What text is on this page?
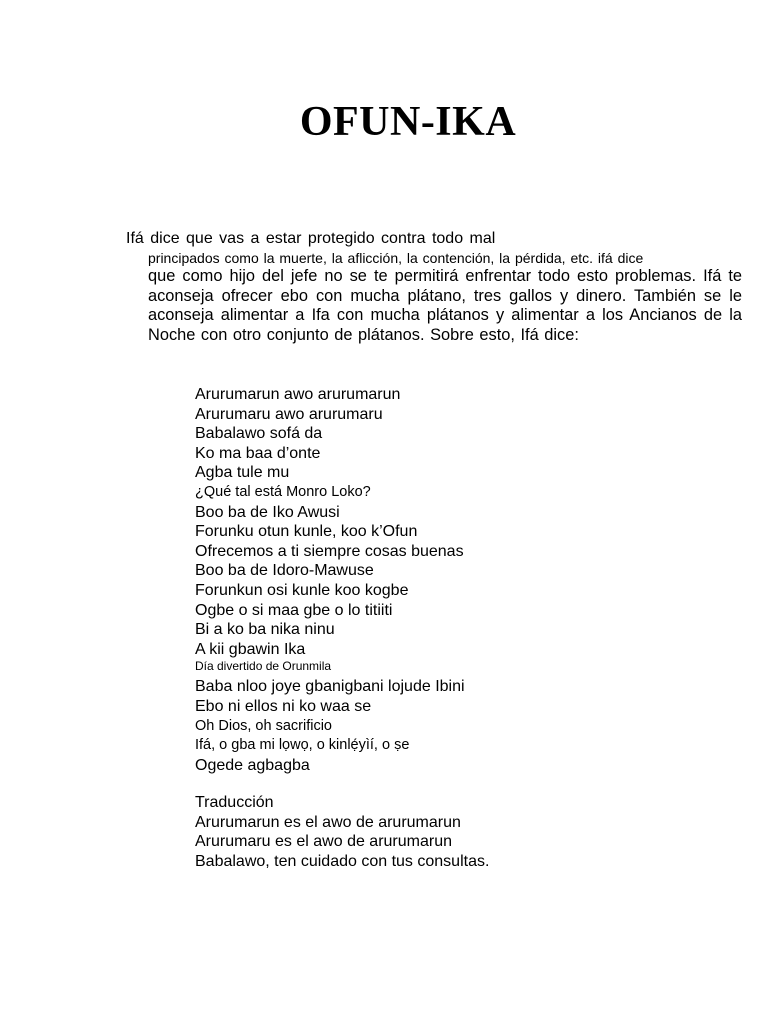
OFUN-IKA
Ifá dice que vas a estar protegido contra todo mal
principados como la muerte, la aflicción, la contención, la pérdida, etc. ifá dice
que como hijo del jefe no se te permitirá enfrentar todo esto problemas. Ifá te aconseja ofrecer ebo con mucha plátano, tres gallos y dinero. También se le aconseja alimentar a Ifa con mucha plátanos y alimentar a los Ancianos de la Noche con otro conjunto de plátanos. Sobre esto, Ifá dice:
Arurumarun awo arurumarun
Arurumaru awo arurumaru
Babalawo sofá da
Ko ma baa d’onte
Agba tule mu
¿Qué tal está Monro Loko?
Boo ba de Iko Awusi
Forunku otun kunle, koo k’Ofun
Ofrecemos a ti siempre cosas buenas
Boo ba de Idoro-Mawuse
Forunkun osi kunle koo kogbe
Ogbe o si maa gbe o lo titiiti
Bi a ko ba nika ninu
A kii gbawin Ika
Día divertido de Orunmila
Baba nloo joye gbanigbani lojude Ibini
Ebo ni ellos ni ko waa se
Oh Dios, oh sacrificio
Ifá, o gba mi lọwọ, o kinlẹ́yìí, o ṣe
Ogede agbagba
Traducción
Arurumarun es el awo de arurumarun
Arurumaru es el awo de arurumarun
Babalawo, ten cuidado con tus consultas.
